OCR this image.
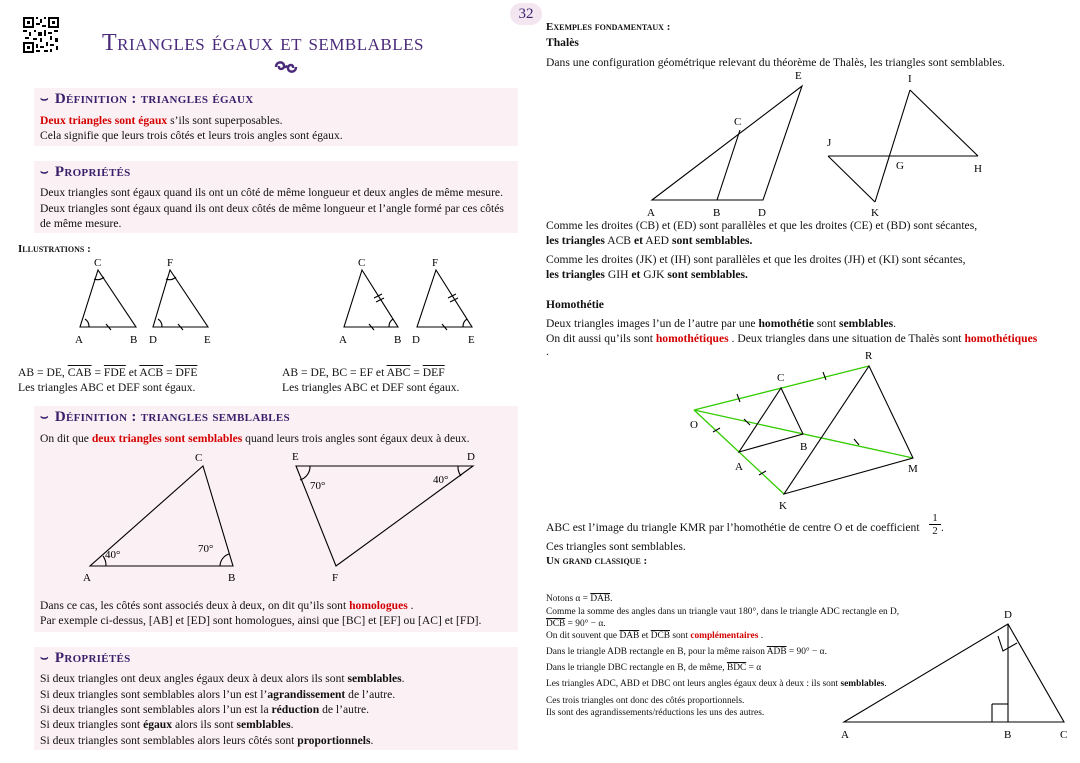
32
Triangles égaux et semblables
⌣ Définition : triangles égaux
Deux triangles sont égaux s’ils sont superposables.
Cela signifie que leurs trois côtés et leurs trois angles sont égaux.
⌣ Propriétés
Deux triangles sont égaux quand ils ont un côté de même longueur et deux angles de même mesure.
Deux triangles sont égaux quand ils ont deux côtés de même longueur et l’angle formé par ces côtés
de même mesure.
Illustrations :
A	B
C
D	E
F
A	B
C
D	E
F
AB = DE, $\overline{CAB} = \overline{FDE}$ et $\overline{ACB} = \overline{DFE}$
Les triangles ABC et DEF sont égaux.
AB = DE, BC = EF et $\overline{ABC} = \overline{DEF}$
Les triangles ABC et DEF sont égaux.
⌣ Définition : triangles semblables
On dit que deux triangles sont semblables quand leurs trois angles sont égaux deux à deux.
A	B
C	E	D
F
40°	70°
70°	40°
Dans ce cas, les côtés sont associés deux à deux, on dit qu’ils sont homologues .
Par exemple ci-dessus, [AB] et [ED] sont homologues, ainsi que [BC] et [EF] ou [AC] et [FD].
⌣ Propriétés
Si deux triangles ont deux angles égaux deux à deux alors ils sont semblables.
Si deux triangles sont semblables alors l’un est l’agrandissement de l’autre.
Si deux triangles sont semblables alors l’un est la réduction de l’autre.
Si deux triangles sont égaux alors ils sont semblables.
Si deux triangles sont semblables alors leurs côtés sont proportionnels.
Exemples fondamentaux :
Thalès
Dans une configuration géométrique relevant du théorème de Thalès, les triangles sont semblables.
A	B	D
C
E	I
J
G	H
K
Comme les droites (CB) et (ED) sont parallèles et que les droites (CE) et (BD) sont sécantes,
les triangles ACB et AED sont semblables.
Comme les droites (JK) et (IH) sont parallèles et que les droites (JH) et (KI) sont sécantes,
les triangles GIH et GJK sont semblables.
Homothétie
Deux triangles images l’un de l’autre par une homothétie sont semblables.
On dit aussi qu’ils sont homothétiques . Deux triangles dans une situation de Thalès sont homothétiques
.
O
A
B
C
R
M
K
ABC est l’image du triangle KMR par l’homothétie de centre O et de coefficient $\frac{1}{2}$ .
Ces triangles sont semblables.
Un grand classique :
Notons $\alpha = \overline{DAB}$.
Comme la somme des angles dans un triangle vaut 180°, dans le triangle ADC rectangle en D,
$\overline{DCB} = 90^\circ - \alpha$.
On dit souvent que $\overline{DAB}$ et $\overline{DCB}$ sont complémentaires .
Dans le triangle ADB rectangle en B, pour la même raison $\overline{ADB} = 90^\circ - \alpha$.
Dans le triangle DBC rectangle en B, de même, $\overline{BDC} = \alpha$
Les triangles ADC, ABD et DBC ont leurs angles égaux deux à deux : ils sont semblables.
Ces trois triangles ont donc des côtés proportionnels.
Ils sont des agrandissements/réductions les uns des autres.
A	B	C
D
